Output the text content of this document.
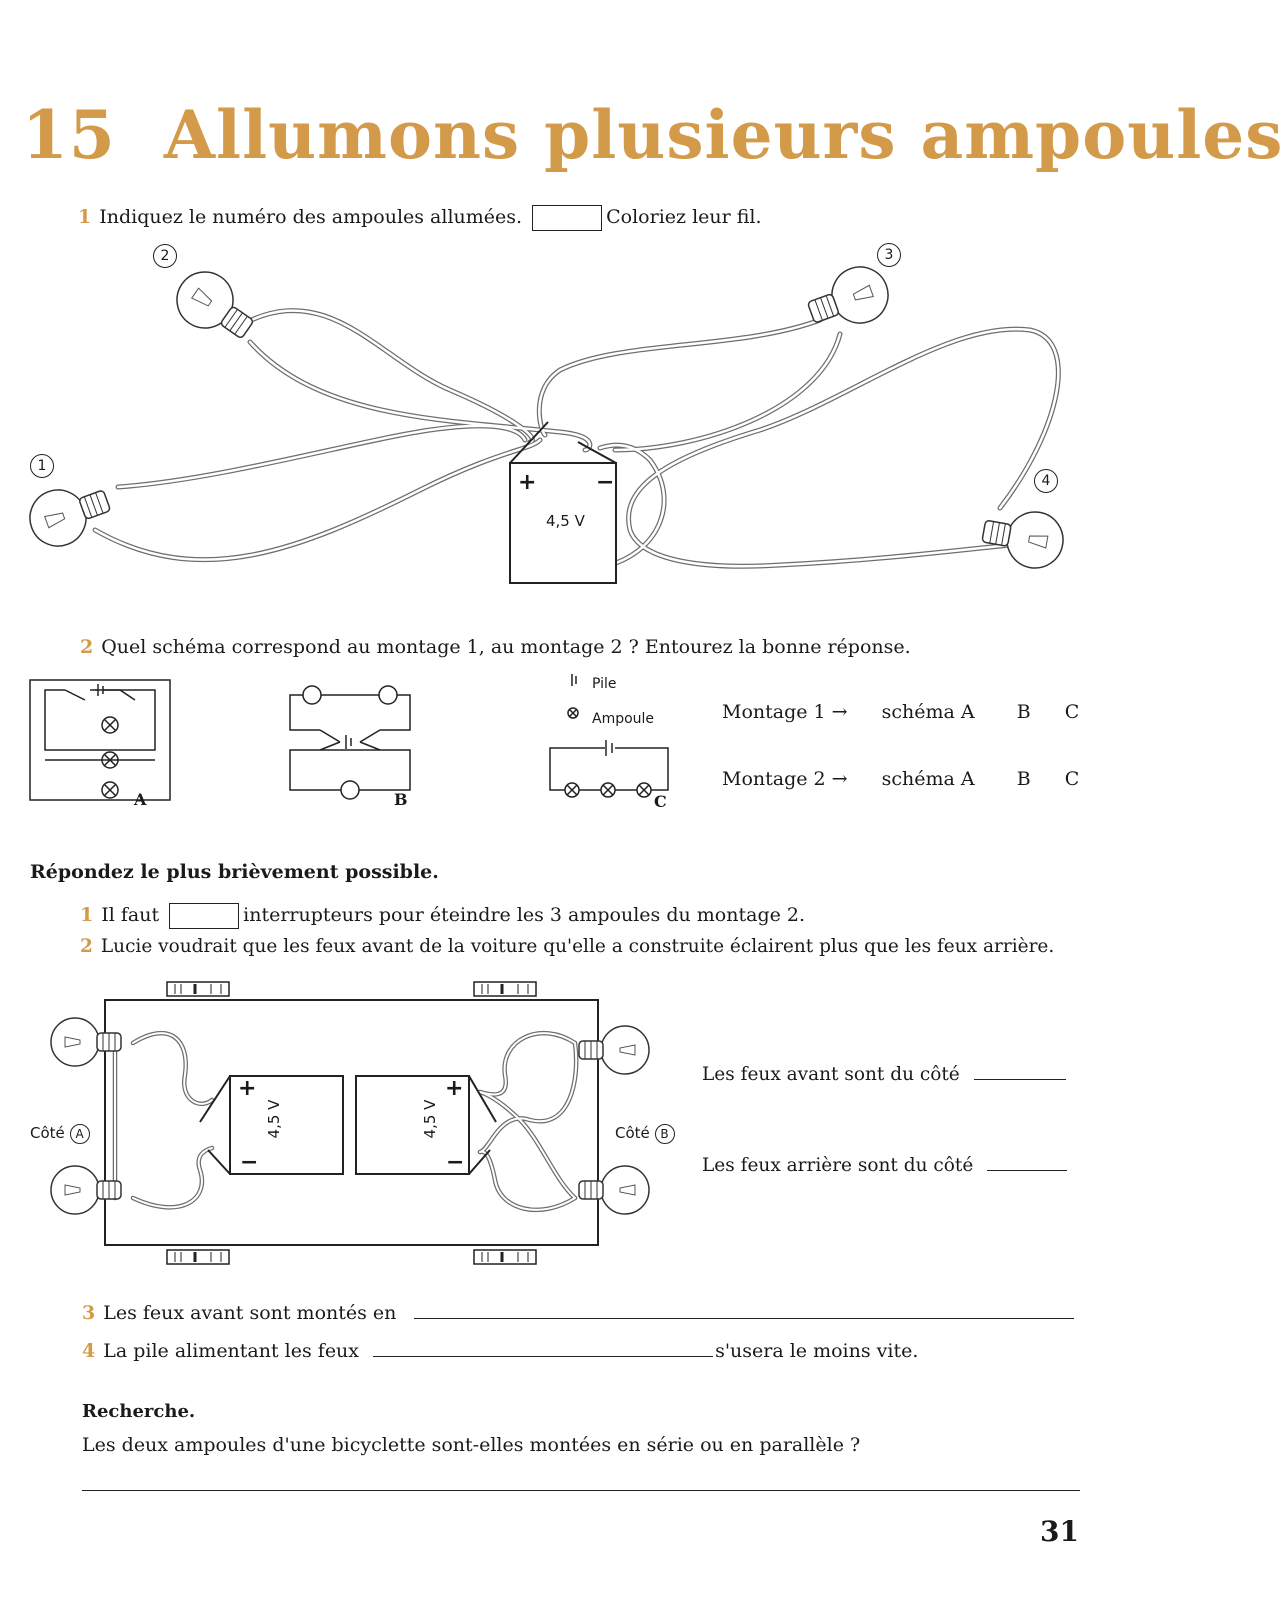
15 Allumons plusieurs ampoules
1 Indiquez le numéro des ampoules allumées.	Coloriez leur fil.
2	3
1
4
+	−
4,5 V
2 Quel schéma correspond au montage 1, au montage 2 ? Entourez la bonne réponse.
A	B	C
Pile
Ampoule	Montage 1 → schéma A B C
Montage 2 → schéma A B C
Répondez le plus brièvement possible.
1 Il faut	interrupteurs pour éteindre les 3 ampoules du montage 2.
2 Lucie voudrait que les feux avant de la voiture qu'elle a construite éclairent plus que les feux arrière.
+
−
4,5 V
+
−
4,5 V
Côté A	Côté B
Les feux avant sont du côté
Les feux arrière sont du côté
3 Les feux avant sont montés en
4 La pile alimentant les feux	s'usera le moins vite.
Recherche.
Les deux ampoules d'une bicyclette sont-elles montées en série ou en parallèle ?
31
